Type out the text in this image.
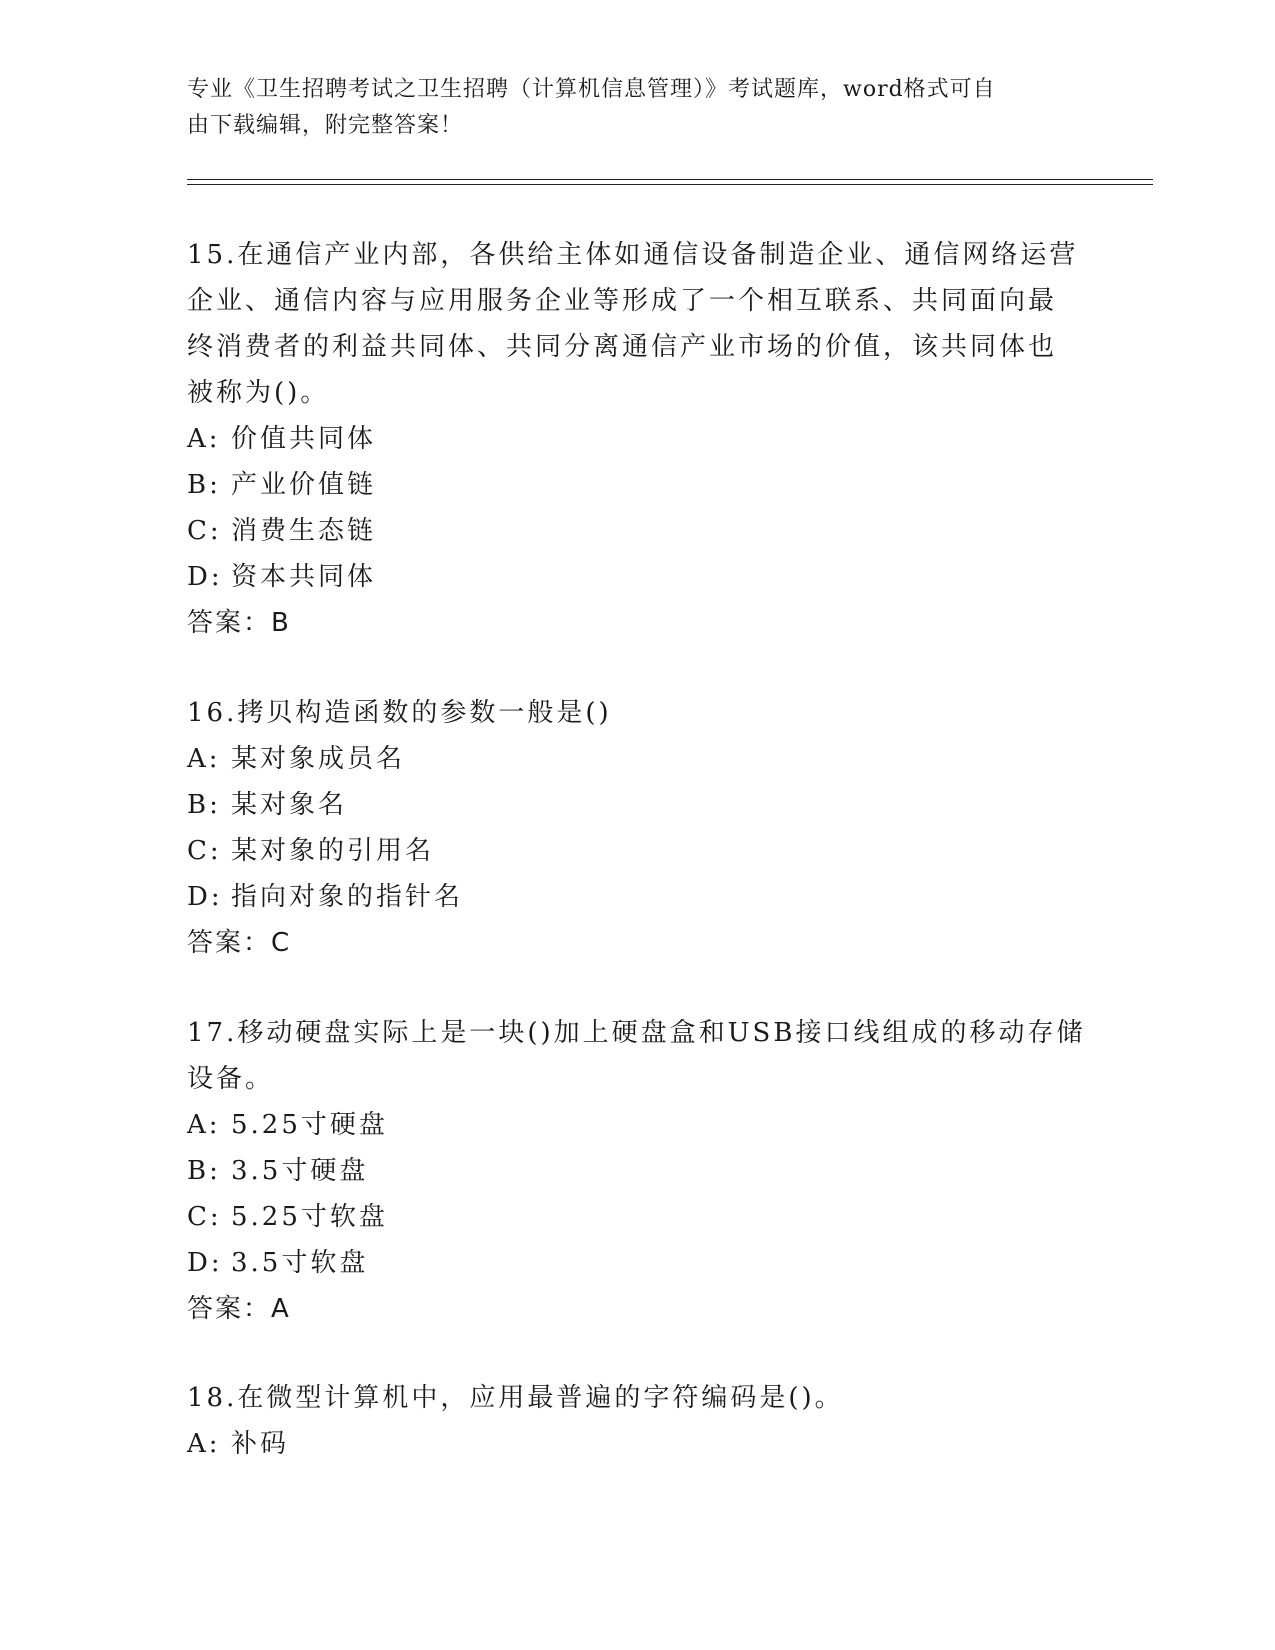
专业《卫生招聘考试之卫生招聘（计算机信息管理）》考试题库，word格式可自
由下载编辑，附完整答案！
15.在通信产业内部，各供给主体如通信设备制造企业、通信网络运营
企业、通信内容与应用服务企业等形成了一个相互联系、共同面向最
终消费者的利益共同体、共同分离通信产业市场的价值，该共同体也
被称为()。
A: 价值共同体
B: 产业价值链
C: 消费生态链
D: 资本共同体
答案：B
16.拷贝构造函数的参数一般是()
A: 某对象成员名
B: 某对象名
C: 某对象的引用名
D: 指向对象的指针名
答案：C
17.移动硬盘实际上是一块()加上硬盘盒和USB接口线组成的移动存储
设备。
A: 5.25寸硬盘
B: 3.5寸硬盘
C: 5.25寸软盘
D: 3.5寸软盘
答案：A
18.在微型计算机中，应用最普遍的字符编码是()。
A: 补码
